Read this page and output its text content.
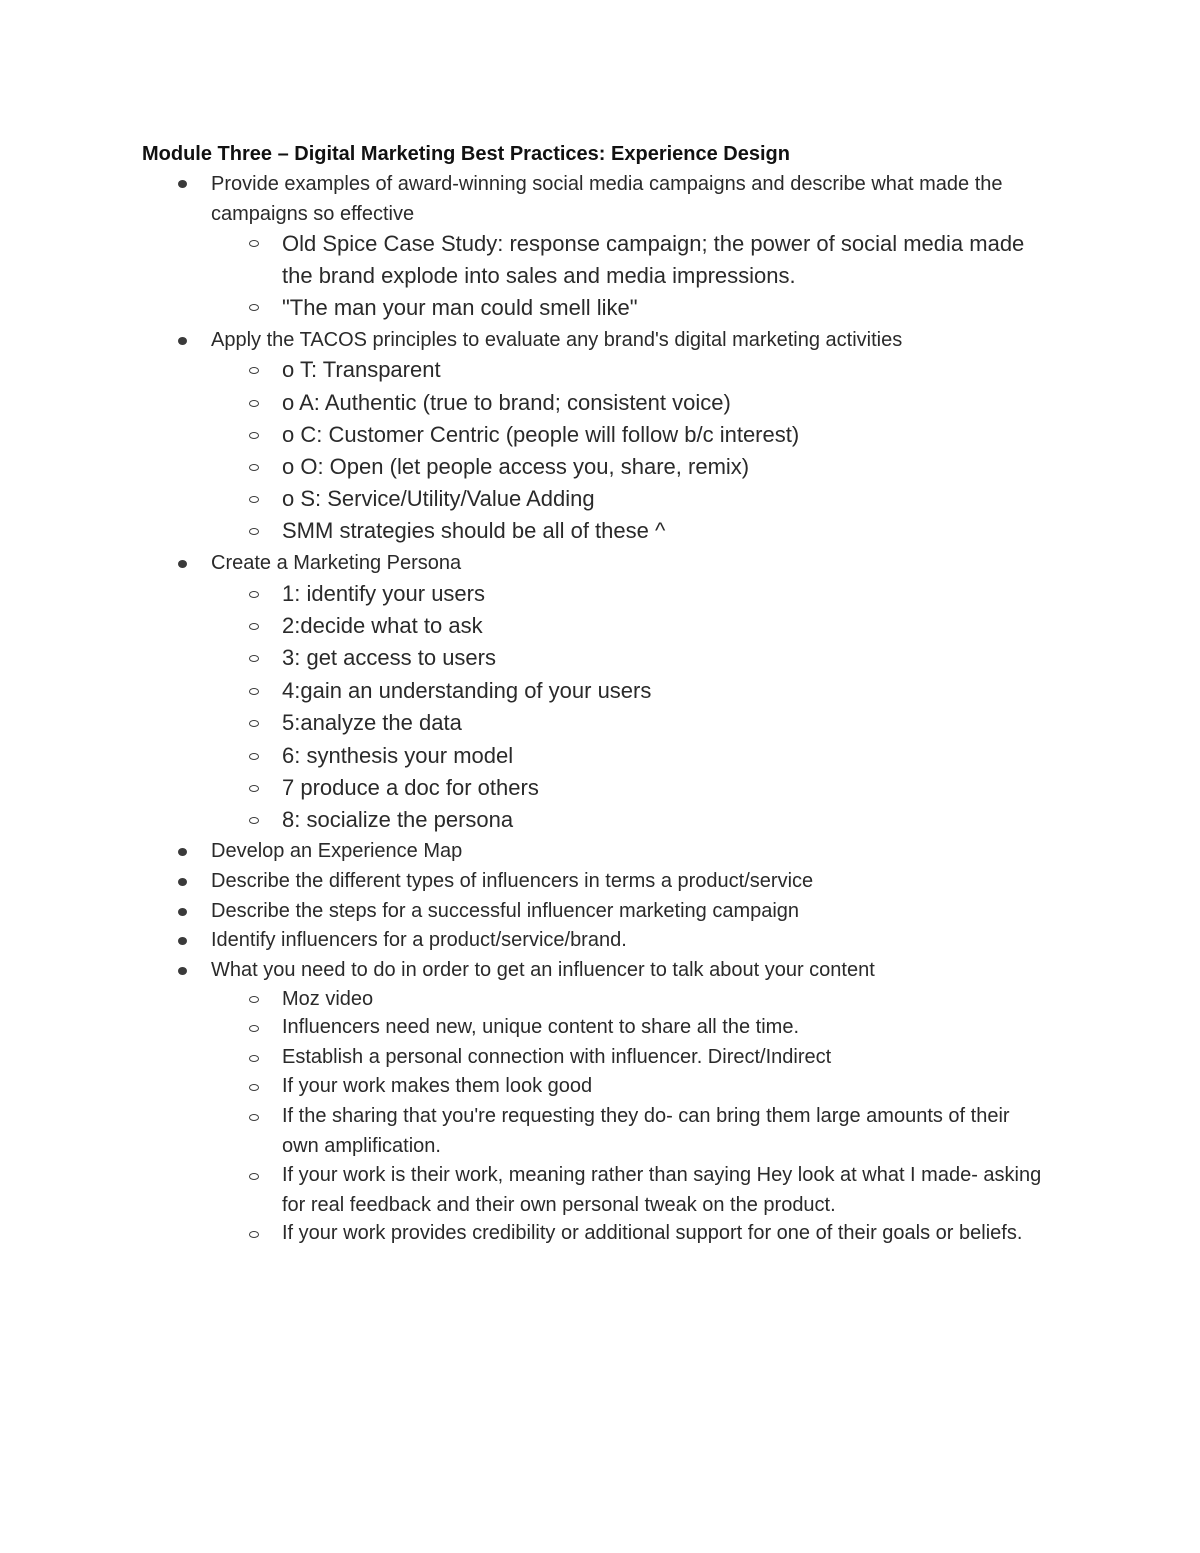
Module Three – Digital Marketing Best Practices: Experience Design
Provide examples of award-winning social media campaigns and describe what made the campaigns so effective
Old Spice Case Study: response campaign; the power of social media made the brand explode into sales and media impressions.
"The man your man could smell like"
Apply the TACOS principles to evaluate any brand's digital marketing activities
o T: Transparent
o A: Authentic (true to brand; consistent voice)
o C: Customer Centric (people will follow b/c interest)
o O: Open (let people access you, share, remix)
o S: Service/Utility/Value Adding
SMM strategies should be all of these ^
Create a Marketing Persona
1: identify your users
2:decide what to ask
3: get access to users
4:gain an understanding of your users
5:analyze the data
6: synthesis your model
7 produce a doc for others
8: socialize the persona
Develop an Experience Map
Describe the different types of influencers in terms a product/service
Describe the steps for a successful influencer marketing campaign
Identify influencers for a product/service/brand.
What you need to do in order to get an influencer to talk about your content
Moz video
Influencers need new, unique content to share all the time.
Establish a personal connection with influencer. Direct/Indirect
If your work makes them look good
If the sharing that you're requesting they do- can bring them large amounts of their own amplification.
If your work is their work, meaning rather than saying Hey look at what I made- asking for real feedback and their own personal tweak on the product.
If your work provides credibility or additional support for one of their goals or beliefs.
